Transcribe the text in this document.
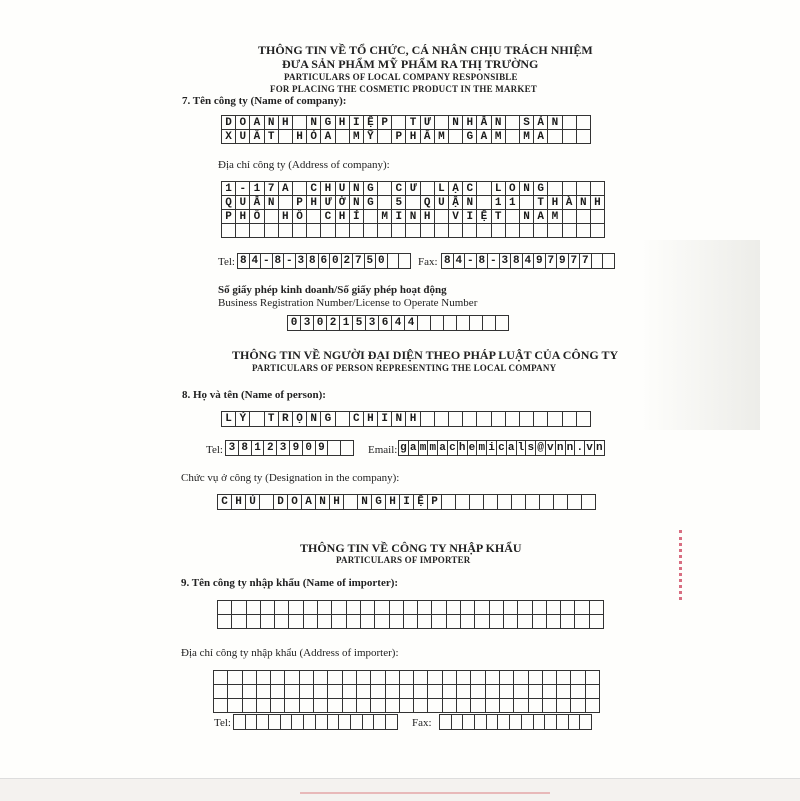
THÔNG TIN VỀ TỔ CHỨC, CÁ NHÂN CHỊU TRÁCH NHIỆM
ĐƯA SẢN PHẨM MỸ PHẨM RA THỊ TRƯỜNG
PARTICULARS OF LOCAL COMPANY RESPONSIBLE
FOR PLACING THE COSMETIC PRODUCT IN THE MARKET
7. Tên công ty (Name of company):
D O A N H	N G H I Ệ P	T Ư	N H Â N	S Ả N
X U Ấ T	H Ó A	M Ỹ	P H Ẩ M	G A M	M A
Địa chỉ công ty (Address of company):
1 - 1 7 A	C H U N G	C Ư	L Ạ C	L O N G
Q U Â N	P H Ư Ờ N G	5	Q U Ậ N	1 1	T H À N H
P H Ố	H Ồ	C H Í	M I N H	V I Ệ T	N A M
Tel: 8 4 - 8 - 3 8 6 0 2 7 5 0	Fax: 8 4 - 8 - 3 8 4 9 7 9 7 7
Số giấy phép kinh doanh/Số giấy phép hoạt động
Business Registration Number/License to Operate Number
0 3 0 2 1 5 3 6 4 4
THÔNG TIN VỀ NGƯỜI ĐẠI DIỆN THEO PHÁP LUẬT CỦA CÔNG TY
PARTICULARS OF PERSON REPRESENTING THE LOCAL COMPANY
8. Họ và tên (Name of person):
L Ý	T R Ọ N G	C H I N H
Tel: 3 8 1 2 3 9 0 9	Email: g a m m a c h e m i c a l s @ v n n . v n
Chức vụ ở công ty (Designation in the company):
C H Ủ	D O A N H	N G H I Ệ P
THÔNG TIN VỀ CÔNG TY NHẬP KHẨU
PARTICULARS OF IMPORTER
9. Tên công ty nhập khẩu (Name of importer):
Địa chỉ công ty nhập khẩu (Address of importer):
Tel:	Fax:
